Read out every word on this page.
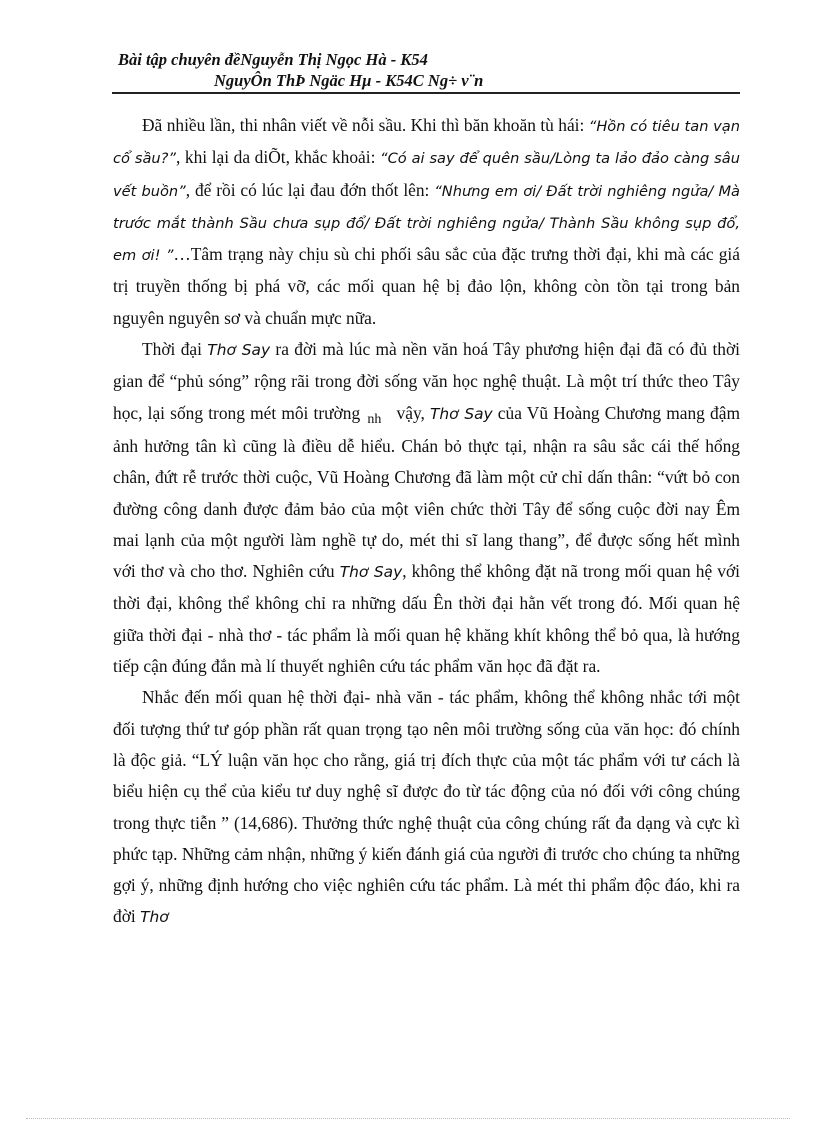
Bài tập chuyên đềNguyễn Thị Ngọc Hà - K54
NguyÔn ThÞ Ngäc Hµ - K54C Ng÷ v¨n

Đã nhiều lần, thi nhân viết về nỗi sầu. Khi thì băn khoăn tù hái: “Hồn có tiêu tan vạn cổ sầu?”, khi lại da diÕt, khắc khoải: “Có ai say để quên sầu/Lòng ta lảo đảo càng sâu vết buồn”, để rồi có lúc lại đau đớn thốt lên: “Nhưng em ơi/ Đất trời nghiêng ngửa/ Mà trước mắt thành Sầu chưa sụp đổ/ Đất trời nghiêng ngửa/ Thành Sầu không sụp đổ, em ơi! ”…Tâm trạng này chịu sù chi phối sâu sắc của đặc trưng thời đại, khi mà các giá trị truyền thống bị phá vỡ, các mối quan hệ bị đảo lộn, không còn tồn tại trong bản nguyên nguyên sơ và chuẩn mực nữa.

Thời đại Thơ Say ra đời mà lúc mà nền văn hoá Tây phương hiện đại đã có đủ thời gian để “phủ sóng” rộng rãi trong đời sống văn học nghệ thuật. Là một trí thức theo Tây học, lại sống trong mét môi trường $_{nh}$ vậy, Thơ Say của Vũ Hoàng Chương mang đậm ảnh hưởng tân kì cũng là điều dễ hiểu. Chán bỏ thực tại, nhận ra sâu sắc cái thế hổng chân, đứt rễ trước thời cuộc, Vũ Hoàng Chương đã làm một cử chỉ dấn thân: “vứt bỏ con đường công danh được đảm bảo của một viên chức thời Tây để sống cuộc đời nay Êm mai lạnh của một người làm nghề tự do, mét thi sĩ lang thang”, để được sống hết mình với thơ và cho thơ. Nghiên cứu Thơ Say, không thể không đặt nã trong mối quan hệ với thời đại, không thể không chỉ ra những dấu Ên thời đại hằn vết trong đó. Mối quan hệ giữa thời đại - nhà thơ - tác phẩm là mối quan hệ khăng khít không thể bỏ qua, là hướng tiếp cận đúng đắn mà lí thuyết nghiên cứu tác phẩm văn học đã đặt ra.

Nhắc đến mối quan hệ thời đại- nhà văn - tác phẩm, không thể không nhắc tới một đối tượng thứ tư góp phần rất quan trọng tạo nên môi trường sống của văn học: đó chính là độc giả. “LÝ luận văn học cho rằng, giá trị đích thực của một tác phẩm với tư cách là biểu hiện cụ thể của kiểu tư duy nghệ sĩ được đo từ tác động của nó đối với công chúng trong thực tiễn ” (14,686). Thưởng thức nghệ thuật của công chúng rất đa dạng và cực kì phức tạp. Những cảm nhận, những ý kiến đánh giá của người đi trước cho chúng ta những gợi ý, những định hướng cho việc nghiên cứu tác phẩm. Là mét thi phẩm độc đáo, khi ra đời Thơ
